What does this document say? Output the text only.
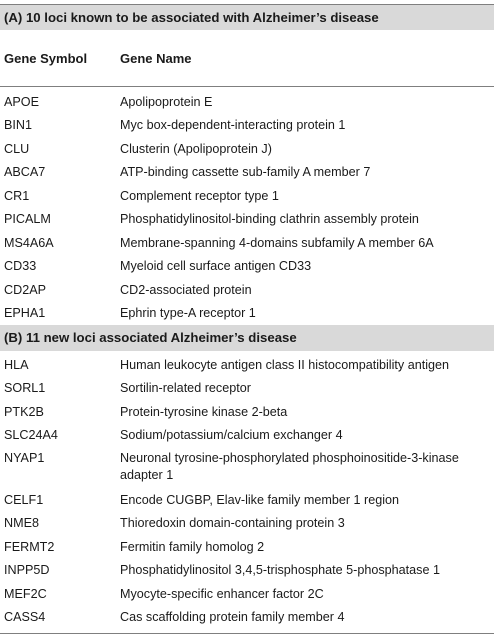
(A) 10 loci known to be associated with Alzheimer’s disease
Gene Symbol	Gene Name
APOE	Apolipoprotein E
BIN1	Myc box-dependent-interacting protein 1
CLU	Clusterin (Apolipoprotein J)
ABCA7	ATP-binding cassette sub-family A member 7
CR1	Complement receptor type 1
PICALM	Phosphatidylinositol-binding clathrin assembly protein
MS4A6A	Membrane-spanning 4-domains subfamily A member 6A
CD33	Myeloid cell surface antigen CD33
CD2AP	CD2-associated protein
EPHA1	Ephrin type-A receptor 1
(B) 11 new loci associated Alzheimer’s disease
HLA	Human leukocyte antigen class II histocompatibility antigen
SORL1	Sortilin-related receptor
PTK2B	Protein-tyrosine kinase 2-beta
SLC24A4	Sodium/potassium/calcium exchanger 4
NYAP1	Neuronal tyrosine-phosphorylated phosphoinositide-3-kinase adapter 1
CELF1	Encode CUGBP, Elav-like family member 1 region
NME8	Thioredoxin domain-containing protein 3
FERMT2	Fermitin family homolog 2
INPP5D	Phosphatidylinositol 3,4,5-trisphosphate 5-phosphatase 1
MEF2C	Myocyte-specific enhancer factor 2C
CASS4	Cas scaffolding protein family member 4
